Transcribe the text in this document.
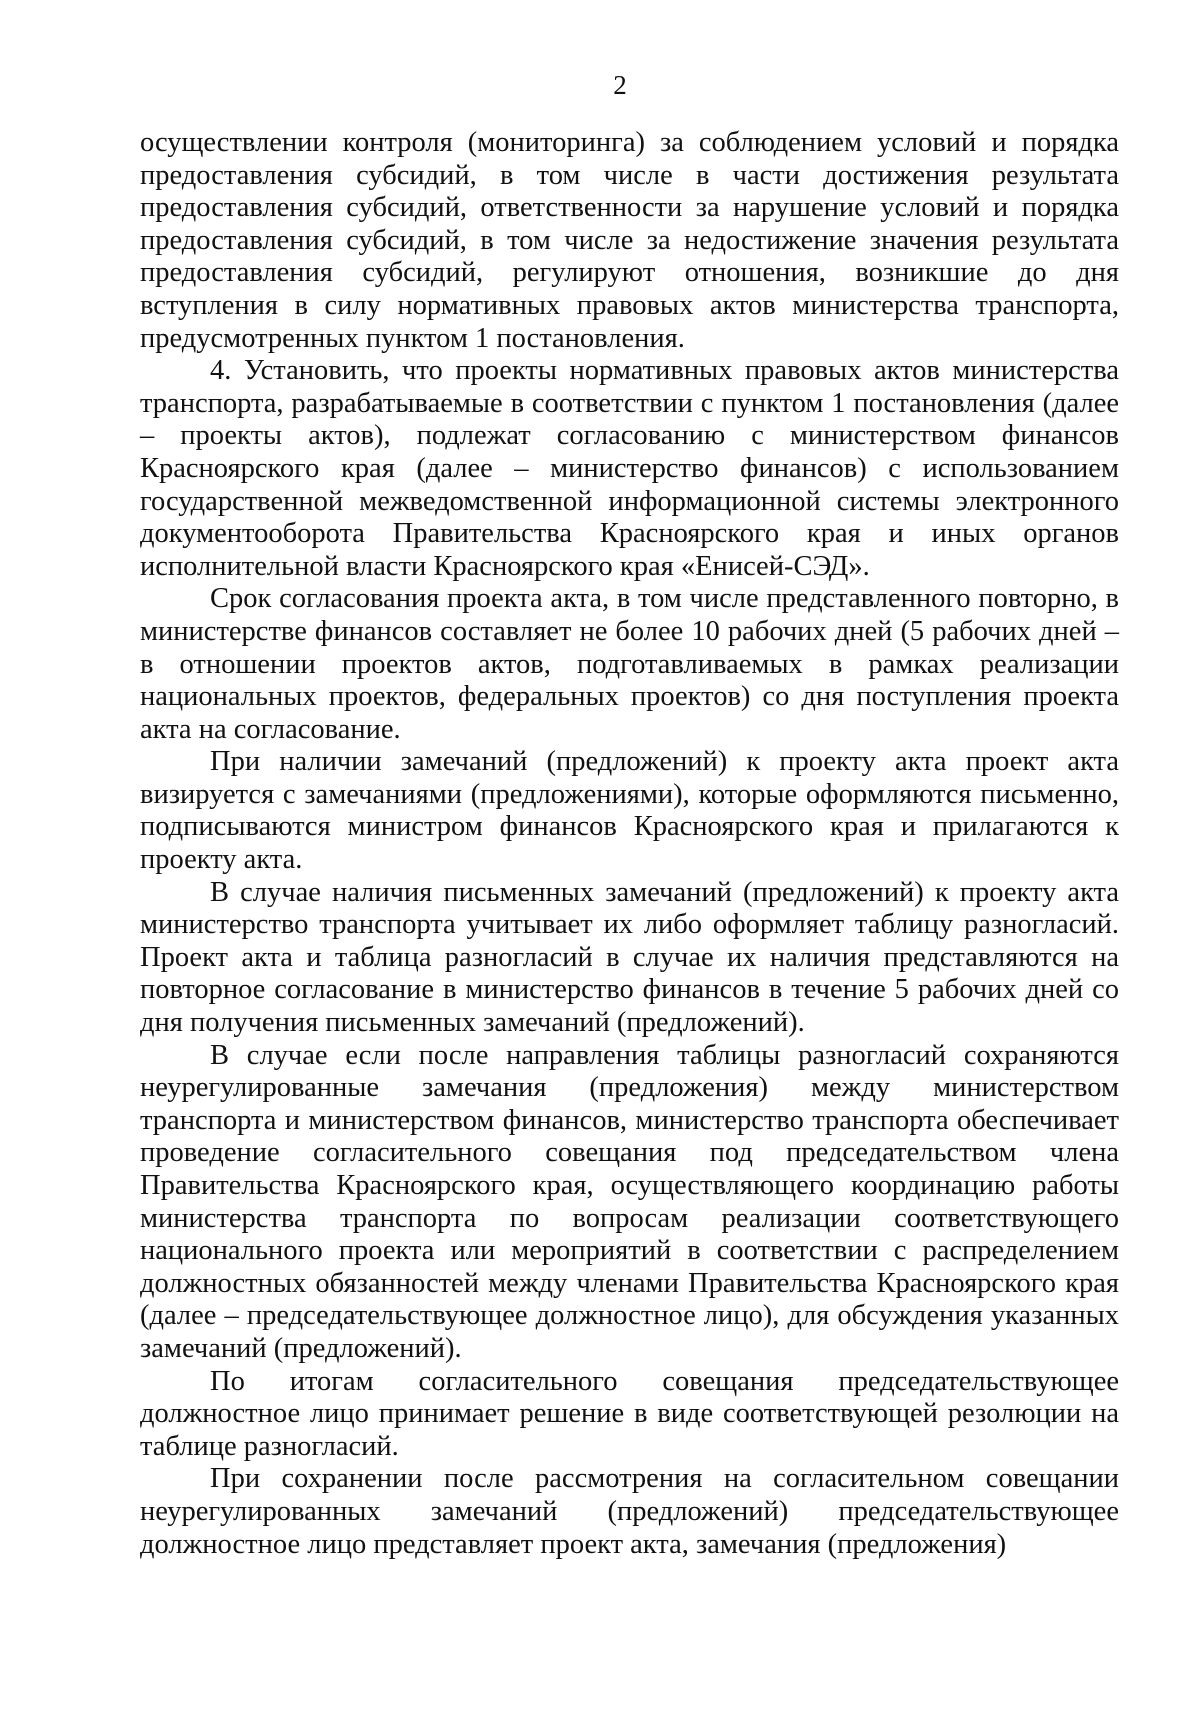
2

осуществлении контроля (мониторинга) за соблюдением условий и порядка предоставления субсидий, в том числе в части достижения результата предоставления субсидий, ответственности за нарушение условий и порядка предоставления субсидий, в том числе за недостижение значения результата предоставления субсидий, регулируют отношения, возникшие до дня вступления в силу нормативных правовых актов министерства транспорта, предусмотренных пунктом 1 постановления.

4. Установить, что проекты нормативных правовых актов министерства транспорта, разрабатываемые в соответствии с пунктом 1 постановления (далее – проекты актов), подлежат согласованию с министерством финансов Красноярского края (далее – министерство финансов) с использованием государственной межведомственной информационной системы электронного документооборота Правительства Красноярского края и иных органов исполнительной власти Красноярского края «Енисей-СЭД».

Срок согласования проекта акта, в том числе представленного повторно, в министерстве финансов составляет не более 10 рабочих дней (5 рабочих дней – в отношении проектов актов, подготавливаемых в рамках реализации национальных проектов, федеральных проектов) со дня поступления проекта акта на согласование.

При наличии замечаний (предложений) к проекту акта проект акта визируется с замечаниями (предложениями), которые оформляются письменно, подписываются министром финансов Красноярского края и прилагаются к проекту акта.

В случае наличия письменных замечаний (предложений) к проекту акта министерство транспорта учитывает их либо оформляет таблицу разногласий. Проект акта и таблица разногласий в случае их наличия представляются на повторное согласование в министерство финансов в течение 5 рабочих дней со дня получения письменных замечаний (предложений).

В случае если после направления таблицы разногласий сохраняются неурегулированные замечания (предложения) между министерством транспорта и министерством финансов, министерство транспорта обеспечивает проведение согласительного совещания под председательством члена Правительства Красноярского края, осуществляющего координацию работы министерства транспорта по вопросам реализации соответствующего национального проекта или мероприятий в соответствии с распределением должностных обязанностей между членами Правительства Красноярского края (далее – председательствующее должностное лицо), для обсуждения указанных замечаний (предложений).

По итогам согласительного совещания председательствующее должностное лицо принимает решение в виде соответствующей резолюции на таблице разногласий.

При сохранении после рассмотрения на согласительном совещании неурегулированных замечаний (предложений) председательствующее должностное лицо представляет проект акта, замечания (предложения)
